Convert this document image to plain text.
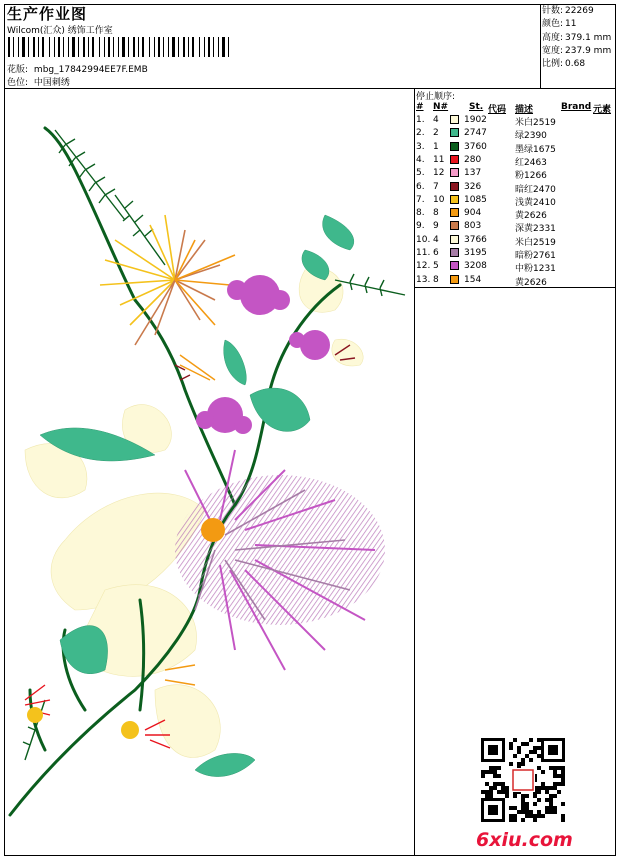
生产作业图
Wilcom(汇众) 绣饰工作室
花版: mbg_17842994EE7F.EMB
色位: 中国刺绣
针数: 22269
颜色: 11
高度: 379.1 mm
宽度: 237.9 mm
比例: 0.68
停止顺序:
# N# St. 代码 描述	Brand 元素
1. 4	1902	米白2519
2. 2	2747	绿2390
3. 1	3760	墨绿1675
4. 11 280	红2463
5. 12 137	粉1266
6. 7	326	暗红2470
7. 10 1085	浅黄2410
8. 8	904	黄2626
9. 9	803	深黄2331
10. 4	3766	米白2519
11. 6	3195	暗粉2761
12. 5	3208	中粉1231
13. 8	154	黄2626
6xiu.com
